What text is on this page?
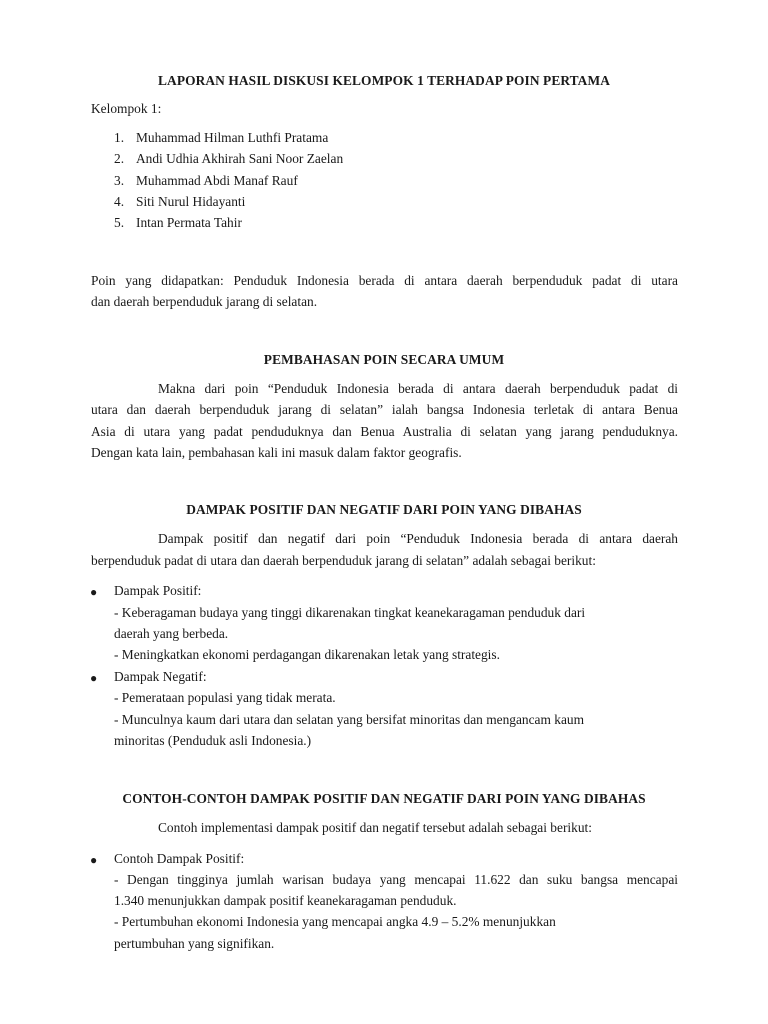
LAPORAN HASIL DISKUSI KELOMPOK 1 TERHADAP POIN PERTAMA
Kelompok 1:
1. Muhammad Hilman Luthfi Pratama
2. Andi Udhia Akhirah Sani Noor Zaelan
3. Muhammad Abdi Manaf Rauf
4. Siti Nurul Hidayanti
5. Intan Permata Tahir
Poin yang didapatkan: Penduduk Indonesia berada di antara daerah berpenduduk padat di utara
dan daerah berpenduduk jarang di selatan.
PEMBAHASAN POIN SECARA UMUM
Makna dari poin “Penduduk Indonesia berada di antara daerah berpenduduk padat di
utara dan daerah berpenduduk jarang di selatan” ialah bangsa Indonesia terletak di antara Benua
Asia di utara yang padat penduduknya dan Benua Australia di selatan yang jarang penduduknya.
Dengan kata lain, pembahasan kali ini masuk dalam faktor geografis.
DAMPAK POSITIF DAN NEGATIF DARI POIN YANG DIBAHAS
Dampak positif dan negatif dari poin “Penduduk Indonesia berada di antara daerah
berpenduduk padat di utara dan daerah berpenduduk jarang di selatan” adalah sebagai berikut:
● Dampak Positif:
- Keberagaman budaya yang tinggi dikarenakan tingkat keanekaragaman penduduk dari
daerah yang berbeda.
- Meningkatkan ekonomi perdagangan dikarenakan letak yang strategis.
● Dampak Negatif:
- Pemerataan populasi yang tidak merata.
- Munculnya kaum dari utara dan selatan yang bersifat minoritas dan mengancam kaum
minoritas (Penduduk asli Indonesia.)
CONTOH-CONTOH DAMPAK POSITIF DAN NEGATIF DARI POIN YANG DIBAHAS
Contoh implementasi dampak positif dan negatif tersebut adalah sebagai berikut:
● Contoh Dampak Positif:
- Dengan tingginya jumlah warisan budaya yang mencapai 11.622 dan suku bangsa mencapai
1.340 menunjukkan dampak positif keanekaragaman penduduk.
- Pertumbuhan ekonomi Indonesia yang mencapai angka 4.9 – 5.2% menunjukkan
pertumbuhan yang signifikan.
